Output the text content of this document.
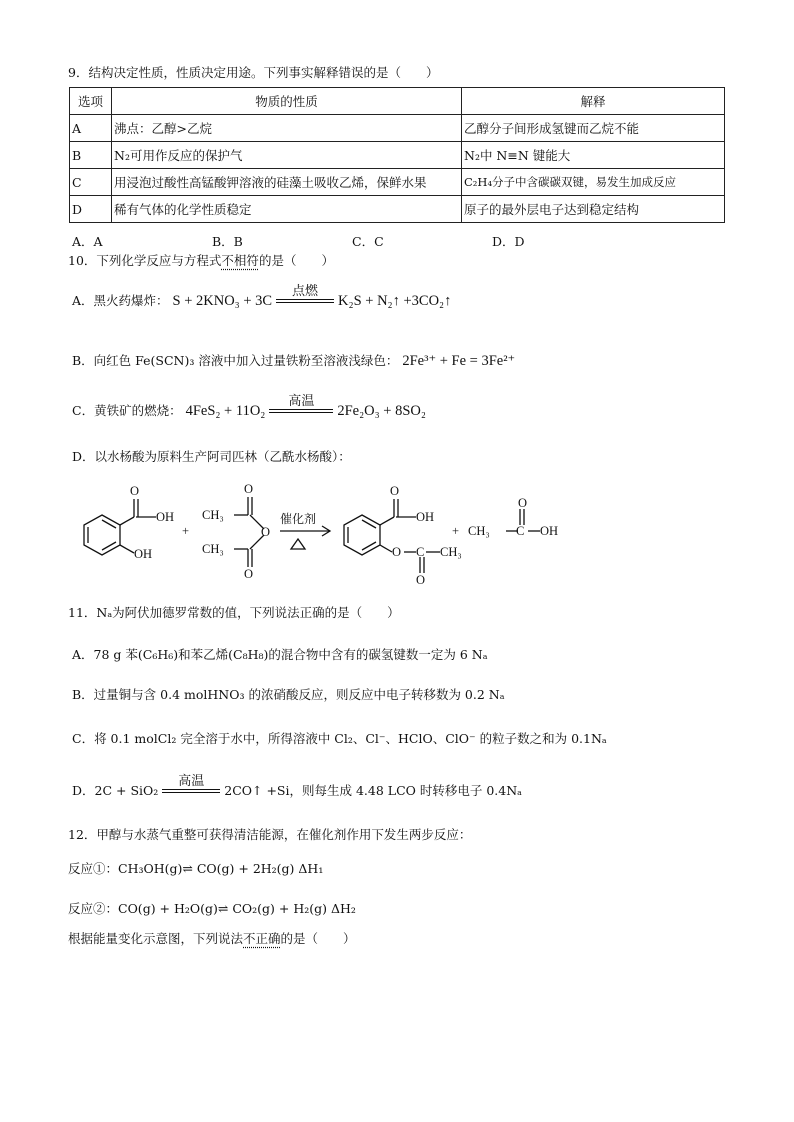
9．结构决定性质，性质决定用途。下列事实解释错误的是（　　）
选项	物质的性质	解释
A	沸点：乙醇>乙烷	乙醇分子间形成氢键而乙烷不能
B	N₂可用作反应的保护气	N₂中 N≡N 键能大
C	用浸泡过酸性高锰酸钾溶液的硅藻土吸收乙烯，保鲜水果	C₂H₄分子中含碳碳双键，易发生加成反应
D	稀有气体的化学性质稳定	原子的最外层电子达到稳定结构
A．A	B．B	C．C	D．D
10．下列化学反应与方程式不相符的是（　　）
A．黑火药爆炸： S + 2KNO₃ + 3C
点燃
K₂S + N₂↑ +3CO₂↑
B．向红色 Fe(SCN)₃ 溶液中加入过量铁粉至溶液浅绿色： 2Fe³⁺ + Fe = 3Fe²⁺
C．黄铁矿的燃烧： 4FeS₂ + 11O₂
高温
2Fe₂O₃ + 8SO₂
D．以水杨酸为原料生产阿司匹林（乙酰水杨酸）：
O
OH
OH
+
CH₃
O
O
CH₃
O
催化剂
O
OH
O C CH₃
O
+ CH₃ C
O
OH
11．Nₐ为阿伏加德罗常数的值，下列说法正确的是（　　）
A．78 g 苯(C₆H₆)和苯乙烯(C₈H₈)的混合物中含有的碳氢键数一定为 6 Nₐ
B．过量铜与含 0.4 molHNO₃ 的浓硝酸反应，则反应中电子转移数为 0.2 Nₐ
C．将 0.1 molCl₂ 完全溶于水中，所得溶液中 Cl₂、Cl⁻、HClO、ClO⁻ 的粒子数之和为 0.1Nₐ
D．2C + SiO₂
高温
2CO↑ +Si，则每生成 4.48 LCO 时转移电子 0.4Nₐ
12．甲醇与水蒸气重整可获得清洁能源，在催化剂作用下发生两步反应：
反应①：CH₃OH(g)⇌ CO(g) + 2H₂(g) ΔH₁
反应②：CO(g) + H₂O(g)⇌ CO₂(g) + H₂(g) ΔH₂
根据能量变化示意图，下列说法不正确的是（　　）
